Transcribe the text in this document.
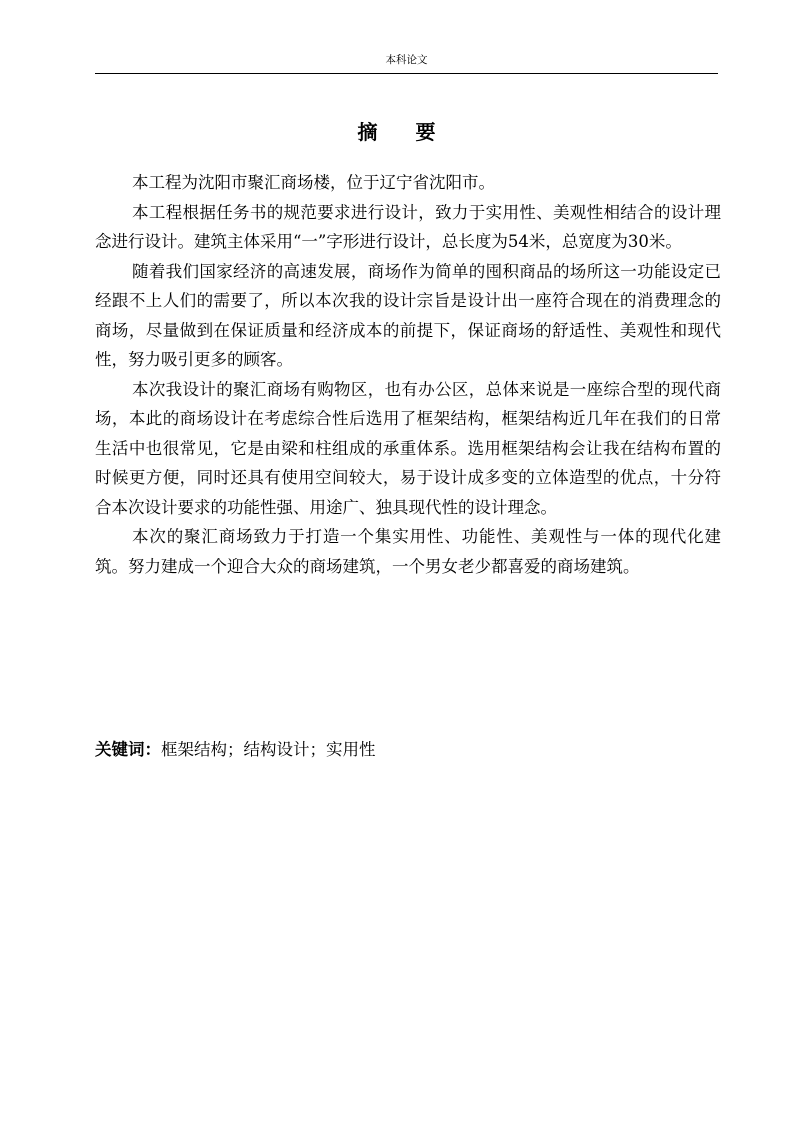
本科论文
摘要

本工程为沈阳市聚汇商场楼，位于辽宁省沈阳市。

本工程根据任务书的规范要求进行设计，致力于实用性、美观性相结合的设计理念进行设计。建筑主体采用“一”字形进行设计，总长度为54米，总宽度为30米。

随着我们国家经济的高速发展，商场作为简单的囤积商品的场所这一功能设定已经跟不上人们的需要了，所以本次我的设计宗旨是设计出一座符合现在的消费理念的商场，尽量做到在保证质量和经济成本的前提下，保证商场的舒适性、美观性和现代性，努力吸引更多的顾客。

本次我设计的聚汇商场有购物区，也有办公区，总体来说是一座综合型的现代商场，本此的商场设计在考虑综合性后选用了框架结构，框架结构近几年在我们的日常生活中也很常见，它是由梁和柱组成的承重体系。选用框架结构会让我在结构布置的时候更方便，同时还具有使用空间较大，易于设计成多变的立体造型的优点，十分符合本次设计要求的功能性强、用途广、独具现代性的设计理念。

本次的聚汇商场致力于打造一个集实用性、功能性、美观性与一体的现代化建筑。努力建成一个迎合大众的商场建筑，一个男女老少都喜爱的商场建筑。

关键词：框架结构；结构设计；实用性
